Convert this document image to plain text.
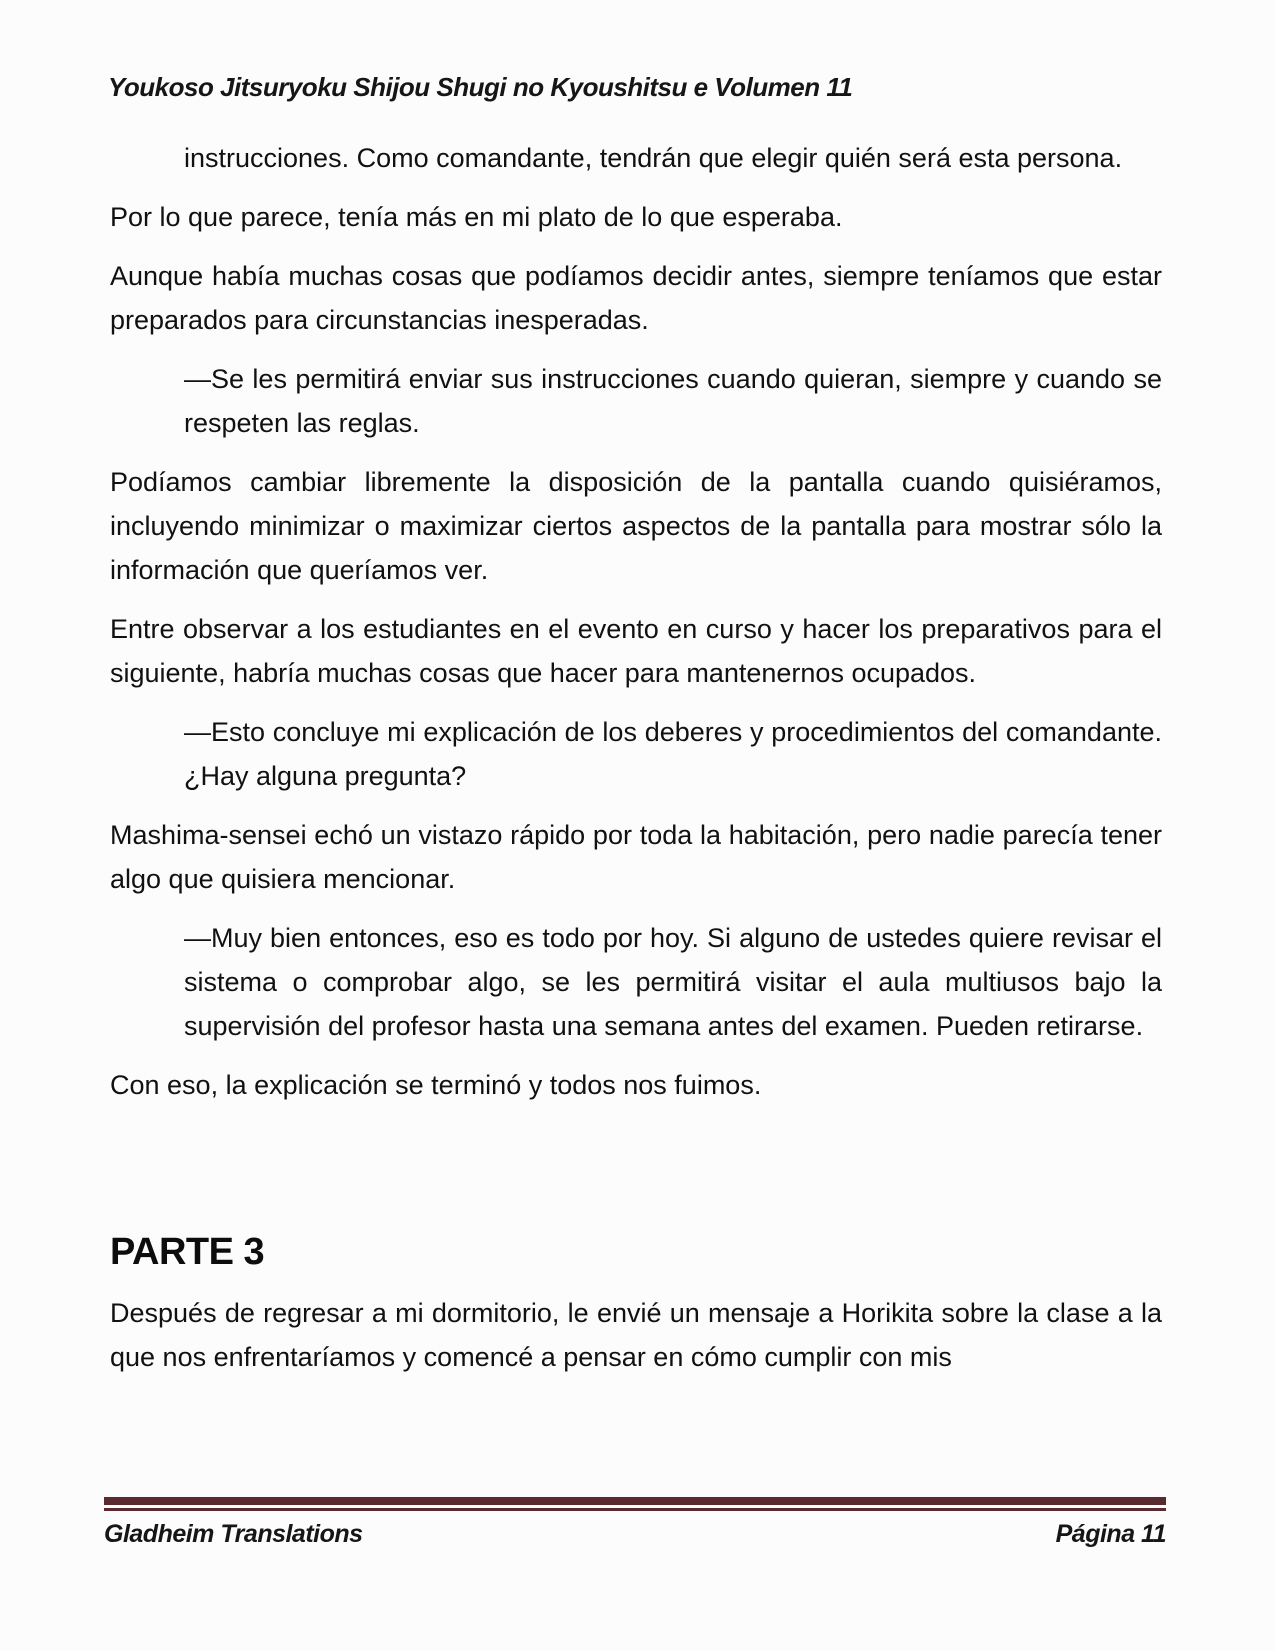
Youkoso Jitsuryoku Shijou Shugi no Kyoushitsu e Volumen 11

instrucciones. Como comandante, tendrán que elegir quién será esta persona.

Por lo que parece, tenía más en mi plato de lo que esperaba.

Aunque había muchas cosas que podíamos decidir antes, siempre teníamos que estar preparados para circunstancias inesperadas.

—Se les permitirá enviar sus instrucciones cuando quieran, siempre y cuando se respeten las reglas.

Podíamos cambiar libremente la disposición de la pantalla cuando quisiéramos, incluyendo minimizar o maximizar ciertos aspectos de la pantalla para mostrar sólo la información que queríamos ver.

Entre observar a los estudiantes en el evento en curso y hacer los preparativos para el siguiente, habría muchas cosas que hacer para mantenernos ocupados.

—Esto concluye mi explicación de los deberes y procedimientos del comandante. ¿Hay alguna pregunta?

Mashima-sensei echó un vistazo rápido por toda la habitación, pero nadie parecía tener algo que quisiera mencionar.

—Muy bien entonces, eso es todo por hoy. Si alguno de ustedes quiere revisar el sistema o comprobar algo, se les permitirá visitar el aula multiusos bajo la supervisión del profesor hasta una semana antes del examen. Pueden retirarse.

Con eso, la explicación se terminó y todos nos fuimos.

PARTE 3

Después de regresar a mi dormitorio, le envié un mensaje a Horikita sobre la clase a la que nos enfrentaríamos y comencé a pensar en cómo cumplir con mis

Gladheim Translations	Página 11
